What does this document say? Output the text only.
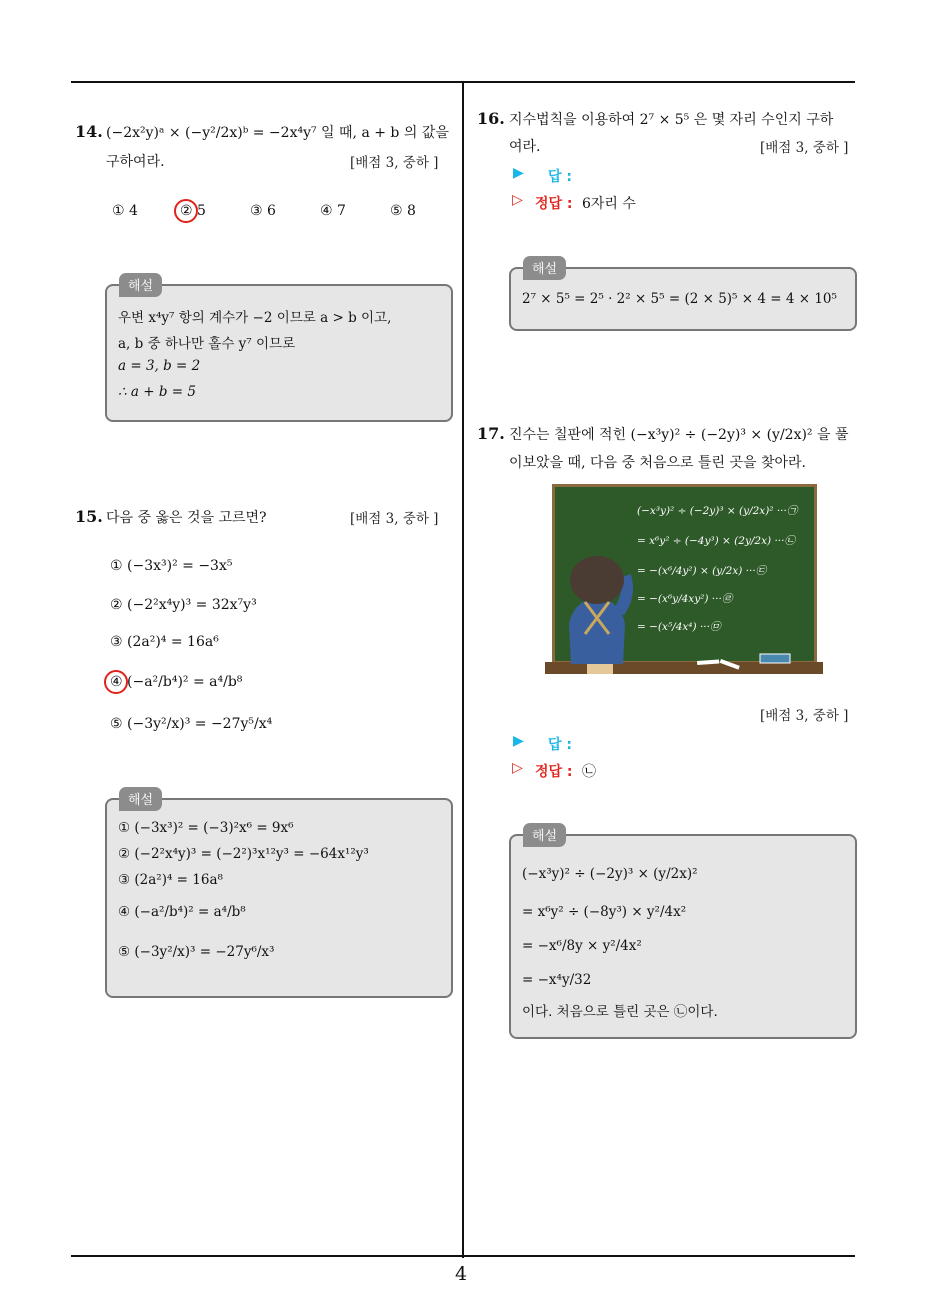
4
14. (−2x²y)ᵃ × (−y²/2x)ᵇ = −2x⁴y⁷ 일 때, a + b 의 값을
구하여라.	[배점 3, 중하 ]
① 4	② 5	③ 6	④ 7	⑤ 8
해설
우변 x⁴y⁷ 항의 계수가 −2 이므로 a > b 이고,
a, b 중 하나만 홀수 y⁷ 이므로
a = 3, b = 2
∴ a + b = 5
15. 다음 중 옳은 것을 고르면?	[배점 3, 중하 ]
① (−3x³)² = −3x⁵
② (−2²x⁴y)³ = 32x⁷y³
③ (2a²)⁴ = 16a⁶
④ (−a²/b⁴)² = a⁴/b⁸
⑤ (−3y²/x)³ = −27y⁵/x⁴
해설
① (−3x³)² = (−3)²x⁶ = 9x⁶
② (−2²x⁴y)³ = (−2²)³x¹²y³ = −64x¹²y³
③ (2a²)⁴ = 16a⁸
④ (−a²/b⁴)² = a⁴/b⁸
⑤ (−3y²/x)³ = −27y⁶/x³
16. 지수법칙을 이용하여 2⁷ × 5⁵ 은 몇 자리 수인지 구하
여라.	[배점 3, 중하 ]
▶ 답 :
▷ 정답 : 6자리 수
해설
2⁷ × 5⁵ = 2⁵ · 2² × 5⁵ = (2 × 5)⁵ × 4 = 4 × 10⁵
17. 진수는 칠판에 적힌 (−x³y)² ÷ (−2y)³ × (y/2x)² 을 풀
이보았을 때, 다음 중 처음으로 틀린 곳을 찾아라.
(−x³y)² ÷ (−2y)³ × (y/2x)² ···㉠
= x⁶y² ÷ (−4y³) × (2y/2x) ···㉡
= −(x⁶/4y²) × (y/2x) ···㉢
= −(x⁶y/4xy²) ···㉣
= −(x⁵/4x⁴) ···㉤
[배점 3, 중하 ]
▶ 답 :
▷ 정답 : ㉡
해설
(−x³y)² ÷ (−2y)³ × (y/2x)²
= x⁶y² ÷ (−8y³) × y²/4x²
= −x⁶/8y × y²/4x²
= −x⁴y/32
이다. 처음으로 틀린 곳은 ㉡이다.
